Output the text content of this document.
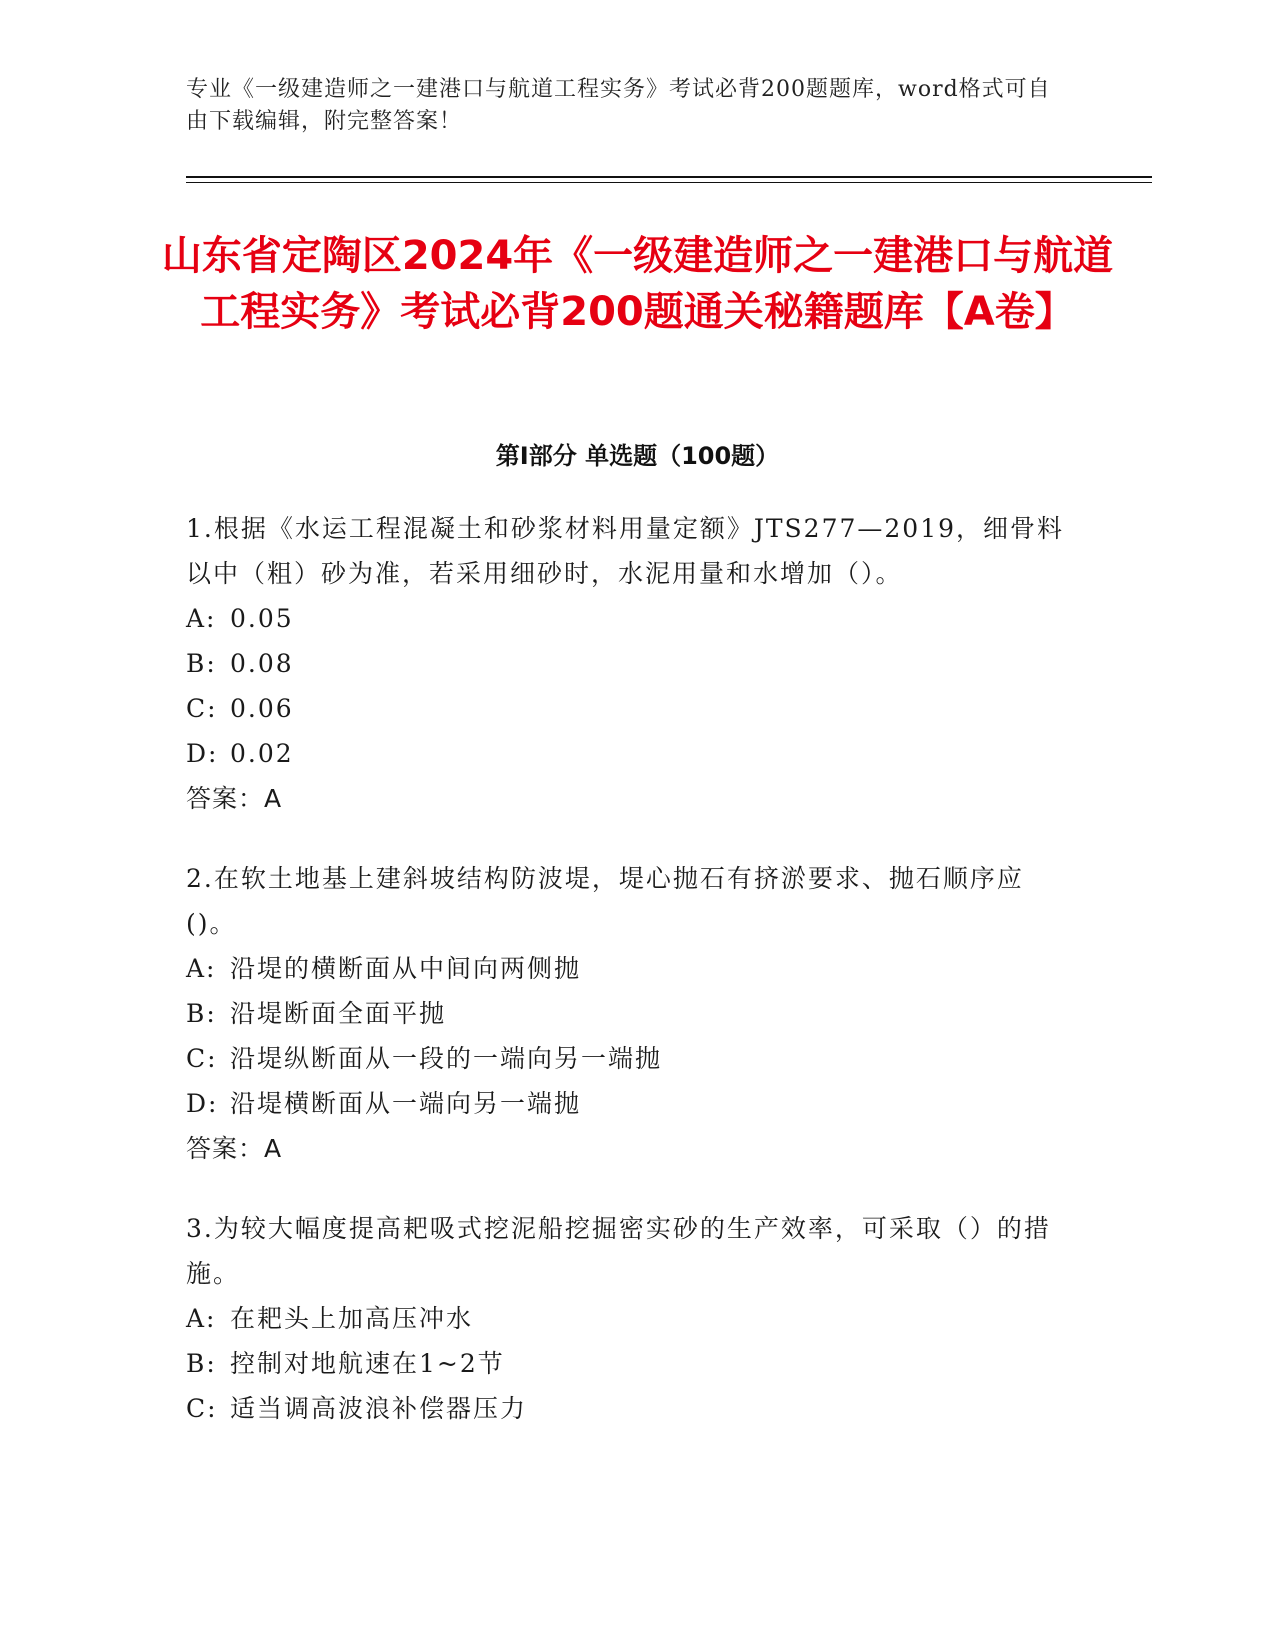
专业《一级建造师之一建港口与航道工程实务》考试必背200题题库，word格式可自由下载编辑，附完整答案！
山东省定陶区2024年《一级建造师之一建港口与航道工程实务》考试必背200题通关秘籍题库【A卷】
第I部分 单选题（100题）

1.根据《水运工程混凝土和砂浆材料用量定额》JTS277—2019，细骨料以中（粗）砂为准，若采用细砂时，水泥用量和水增加（）。

A: 0.05

B: 0.08

C: 0.06

D: 0.02

答案：A

2.在软土地基上建斜坡结构防波堤，堤心抛石有挤淤要求、抛石顺序应()。

A: 沿堤的横断面从中间向两侧抛

B: 沿堤断面全面平抛

C: 沿堤纵断面从一段的一端向另一端抛

D: 沿堤横断面从一端向另一端抛

答案：A

3.为较大幅度提高耙吸式挖泥船挖掘密实砂的生产效率，可采取（）的措施。

A: 在耙头上加高压冲水

B: 控制对地航速在1~2节

C: 适当调高波浪补偿器压力
